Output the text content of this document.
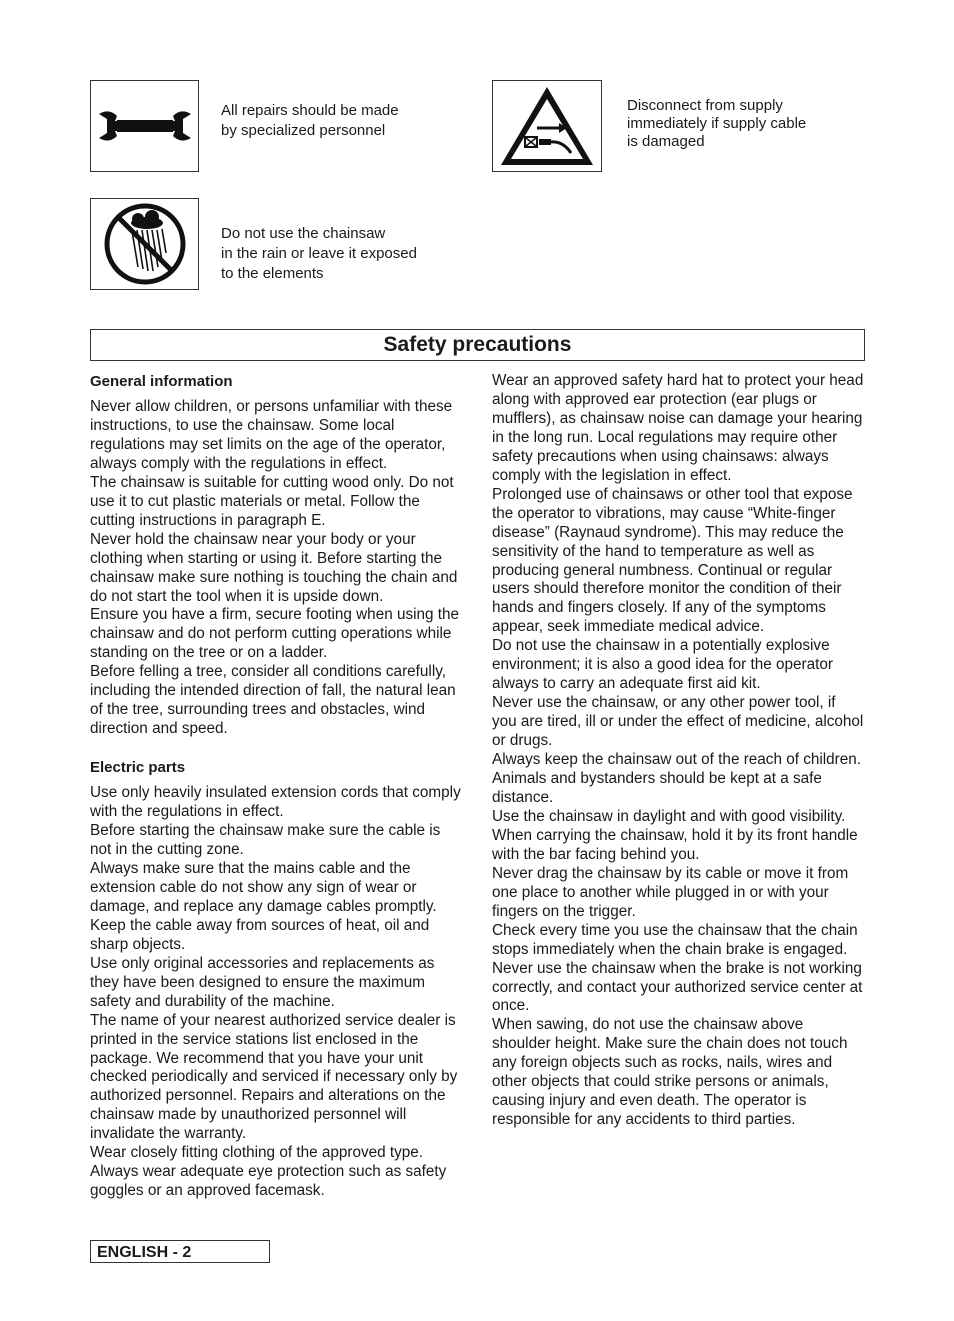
All repairs should be made
by specialized personnel
Disconnect from supply
immediately if supply cable
is damaged
Do not use the chainsaw
in the rain or leave it exposed
to the elements
Safety precautions
General information

Never allow children, or persons unfamiliar with these instructions, to use the chainsaw. Some local regulations may set limits on the age of the operator, always comply with the regulations in effect.

The chainsaw is suitable for cutting wood only. Do not use it to cut plastic materials or metal. Follow the cutting instructions in paragraph E.

Never hold the chainsaw near your body or your clothing when starting or using it. Before starting the chainsaw make sure nothing is touching the chain and do not start the tool when it is upside down.

Ensure you have a firm, secure footing when using the chainsaw and do not perform cutting operations while standing on the tree or on a ladder.

Before felling a tree, consider all conditions carefully, including the intended direction of fall, the natural lean of the tree, surrounding trees and obstacles, wind direction and speed.

Electric parts

Use only heavily insulated extension cords that comply with the regulations in effect.

Before starting the chainsaw make sure the cable is not in the cutting zone.

Always make sure that the mains cable and the extension cable do not show any sign of wear or damage, and replace any damage cables promptly. Keep the cable away from sources of heat, oil and sharp objects.

Use only original accessories and replacements as they have been designed to ensure the maximum safety and durability of the machine.

The name of your nearest authorized service dealer is printed in the service stations list enclosed in the package. We recommend that you have your unit checked periodically and serviced if necessary only by authorized personnel. Repairs and alterations on the chainsaw made by unauthorized personnel will invalidate the warranty.

Wear closely fitting clothing of the approved type. Always wear adequate eye protection such as safety goggles or an approved facemask.

Wear an approved safety hard hat to protect your head along with approved ear protection (ear plugs or mufflers), as chainsaw noise can damage your hearing in the long run. Local regulations may require other safety precautions when using chainsaws: always comply with the legislation in effect.

Prolonged use of chainsaws or other tool that expose the operator to vibrations, may cause “White-finger disease” (Raynaud syndrome). This may reduce the sensitivity of the hand to temperature as well as producing general numbness. Continual or regular users should therefore monitor the condition of their hands and fingers closely. If any of the symptoms appear, seek immediate medical advice.

Do not use the chainsaw in a potentially explosive environment; it is also a good idea for the operator always to carry an adequate first aid kit.

Never use the chainsaw, or any other power tool, if you are tired, ill or under the effect of medicine, alcohol or drugs.

Always keep the chainsaw out of the reach of children. Animals and bystanders should be kept at a safe distance.

Use the chainsaw in daylight and with good visibility.

When carrying the chainsaw, hold it by its front handle with the bar facing behind you.

Never drag the chainsaw by its cable or move it from one place to another while plugged in or with your fingers on the trigger.

Check every time you use the chainsaw that the chain stops immediately when the chain brake is engaged.

Never use the chainsaw when the brake is not working correctly, and contact your authorized service center at once.

When sawing, do not use the chainsaw above shoulder height. Make sure the chain does not touch any foreign objects such as rocks, nails, wires and other objects that could strike persons or animals, causing injury and even death. The operator is responsible for any accidents to third parties.

ENGLISH - 2
